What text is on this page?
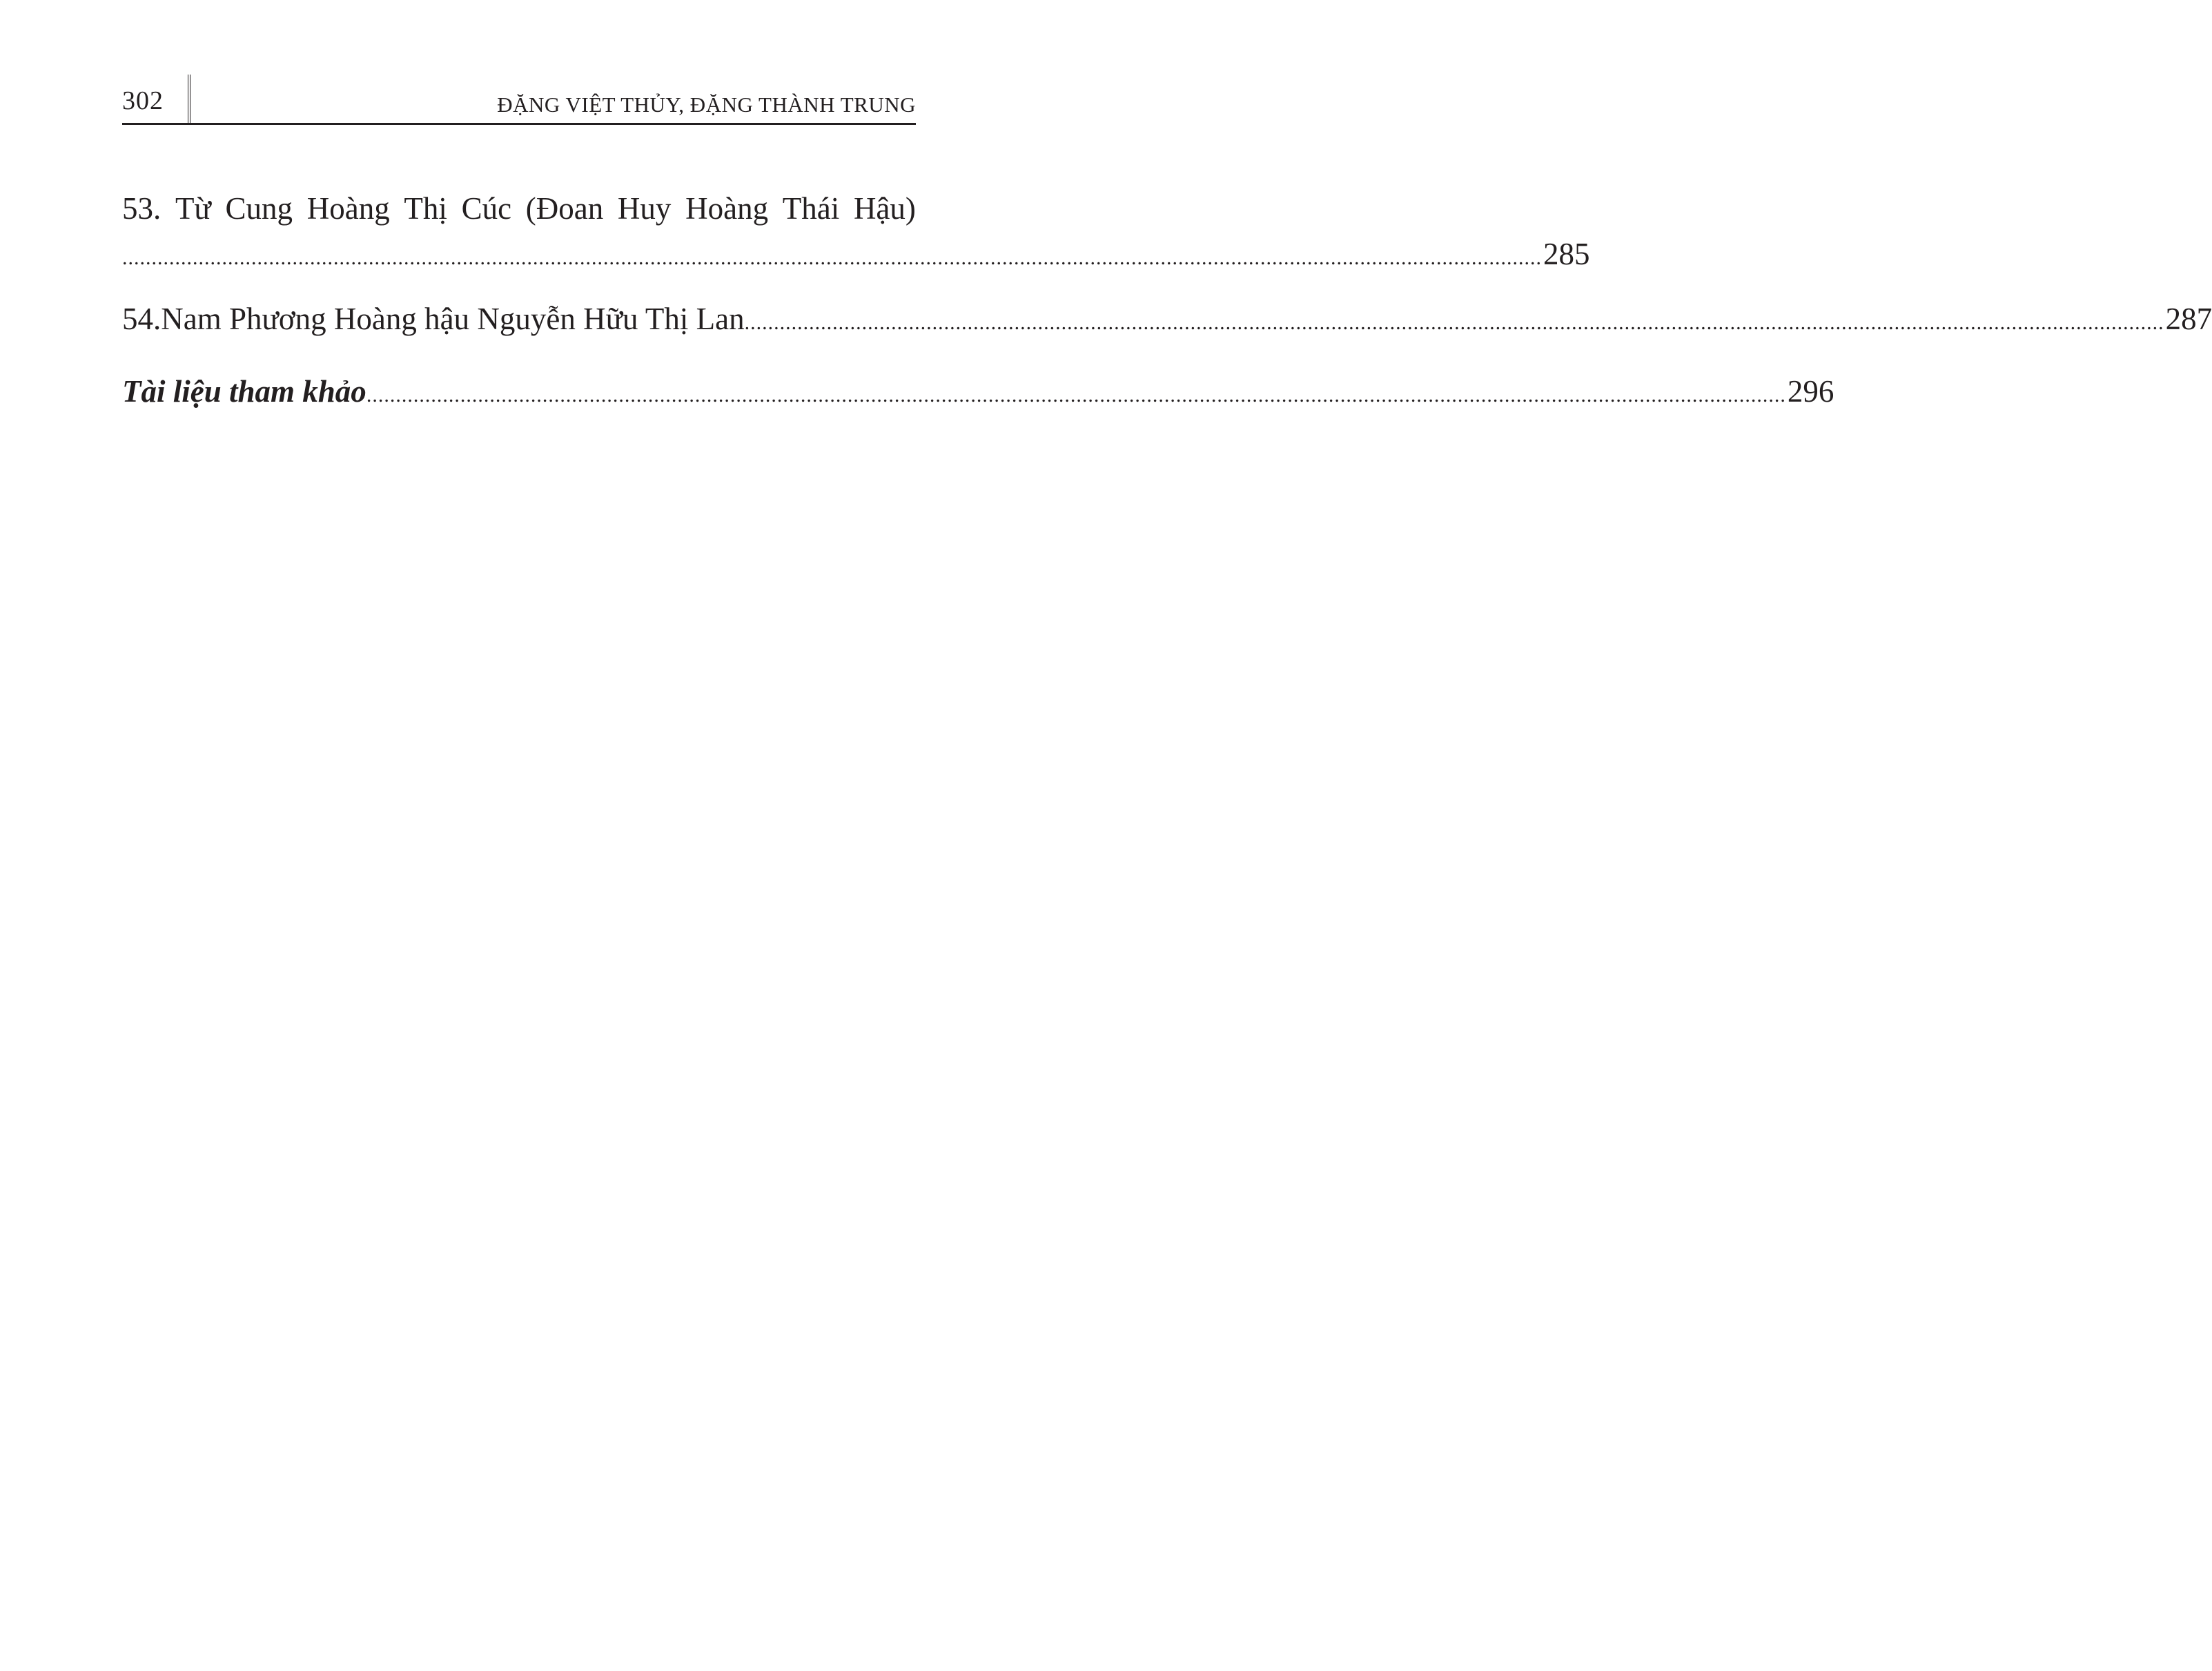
302	ĐẶNG VIỆT THỦY, ĐẶNG THÀNH TRUNG
53. Từ Cung Hoàng Thị Cúc (Đoan Huy Hoàng Thái Hậu)
.................................................................................................................................................................................................................................................. 285
54. Nam Phương Hoàng hậu Nguyễn Hữu Thị Lan .................................................................................................................................................................................................................................................. 287
Tài liệu tham khảo .................................................................................................................................................................................................................................................. 296
